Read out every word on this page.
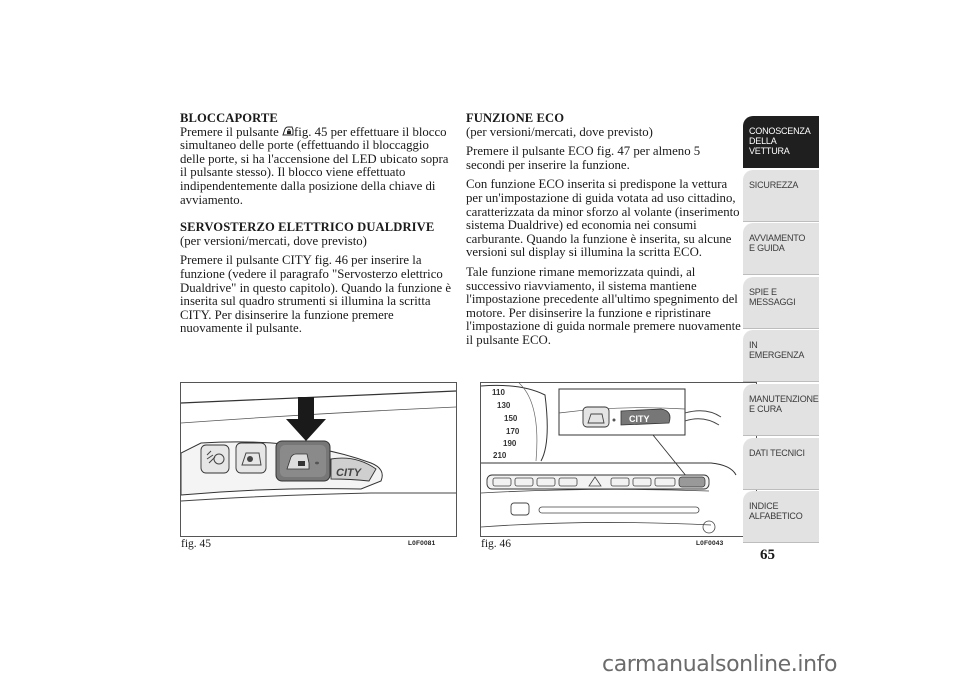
BLOCCAPORTE

Premere il pulsante fig. 45 per effettuare il blocco simultaneo delle porte (effettuando il bloccaggio delle porte, si ha l'accensione del LED ubicato sopra il pulsante stesso). Il blocco viene effettuato indipendentemente dalla posizione della chiave di avviamento.

SERVOSTERZO ELETTRICO DUALDRIVE

(per versioni/mercati, dove previsto)

Premere il pulsante CITY fig. 46 per inserire la funzione (vedere il paragrafo "Servosterzo elettrico Dualdrive" in questo capitolo). Quando la funzione è inserita sul quadro strumenti si illumina la scritta CITY. Per disinserire la funzione premere nuovamente il pulsante.

FUNZIONE ECO

(per versioni/mercati, dove previsto)

Premere il pulsante ECO fig. 47 per almeno 5 secondi per inserire la funzione.

Con funzione ECO inserita si predispone la vettura per un'impostazione di guida votata ad uso cittadino, caratterizzata da minor sforzo al volante (inserimento sistema Dualdrive) ed economia nei consumi carburante. Quando la funzione è inserita, su alcune versioni sul display si illumina la scritta ECO.

Tale funzione rimane memorizzata quindi, al successivo riavviamento, il sistema mantiene l'impostazione precedente all'ultimo spegnimento del motore. Per disinserire la funzione e ripristinare l'impostazione di guida normale premere nuovamente il pulsante ECO.

CITY
fig. 45	L0F0081
110
130
150
170
190
210
CITY
fig. 46	L0F0043
CONOSCENZA DELLA VETTURA
SICUREZZA
AVVIAMENTO E GUIDA
SPIE E MESSAGGI
IN EMERGENZA
MANUTENZIONE E CURA
DATI TECNICI
INDICE ALFABETICO
65
carmanualsonline.info
